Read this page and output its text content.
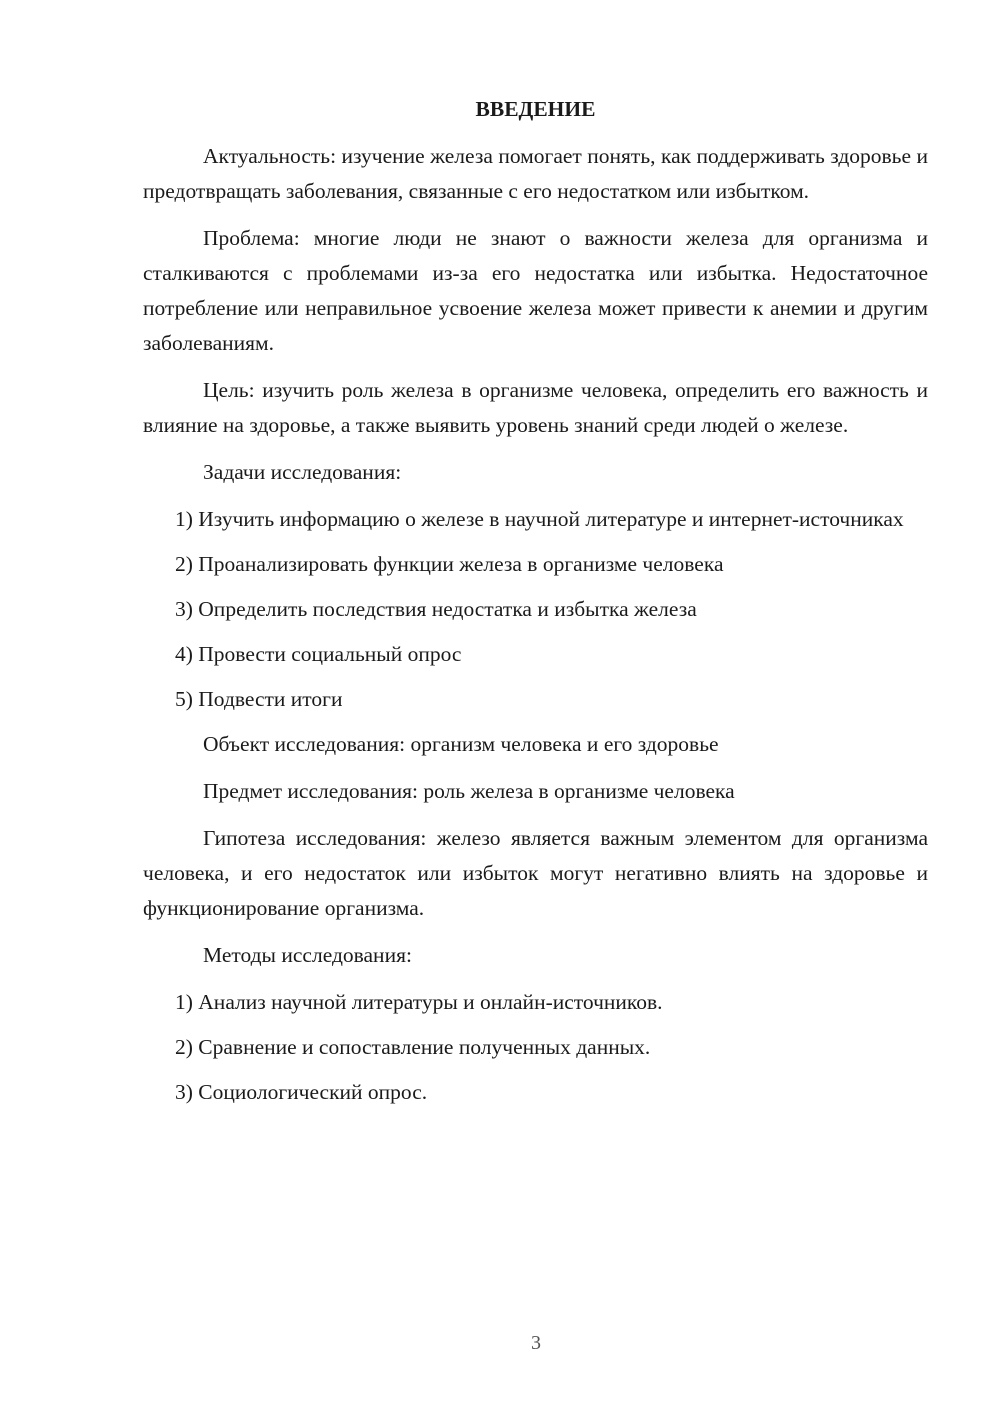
ВВЕДЕНИЕ

Актуальность: изучение железа помогает понять, как поддерживать здоровье и предотвращать заболевания, связанные с его недостатком или избытком.

Проблема: многие люди не знают о важности железа для организма и сталкиваются с проблемами из-за его недостатка или избытка. Недостаточное потребление или неправильное усвоение железа может привести к анемии и другим заболеваниям.

Цель: изучить роль железа в организме человека, определить его важность и влияние на здоровье, а также выявить уровень знаний среди людей о железе.

Задачи исследования:

1) Изучить информацию о железе в научной литературе и интернет-источниках

2) Проанализировать функции железа в организме человека

3) Определить последствия недостатка и избытка железа

4) Провести социальный опрос

5) Подвести итоги

Объект исследования: организм человека и его здоровье

Предмет исследования: роль железа в организме человека

Гипотеза исследования: железо является важным элементом для организма человека, и его недостаток или избыток могут негативно влиять на здоровье и функционирование организма.

Методы исследования:

1) Анализ научной литературы и онлайн-источников.

2) Сравнение и сопоставление полученных данных.

3) Социологический опрос.

3
